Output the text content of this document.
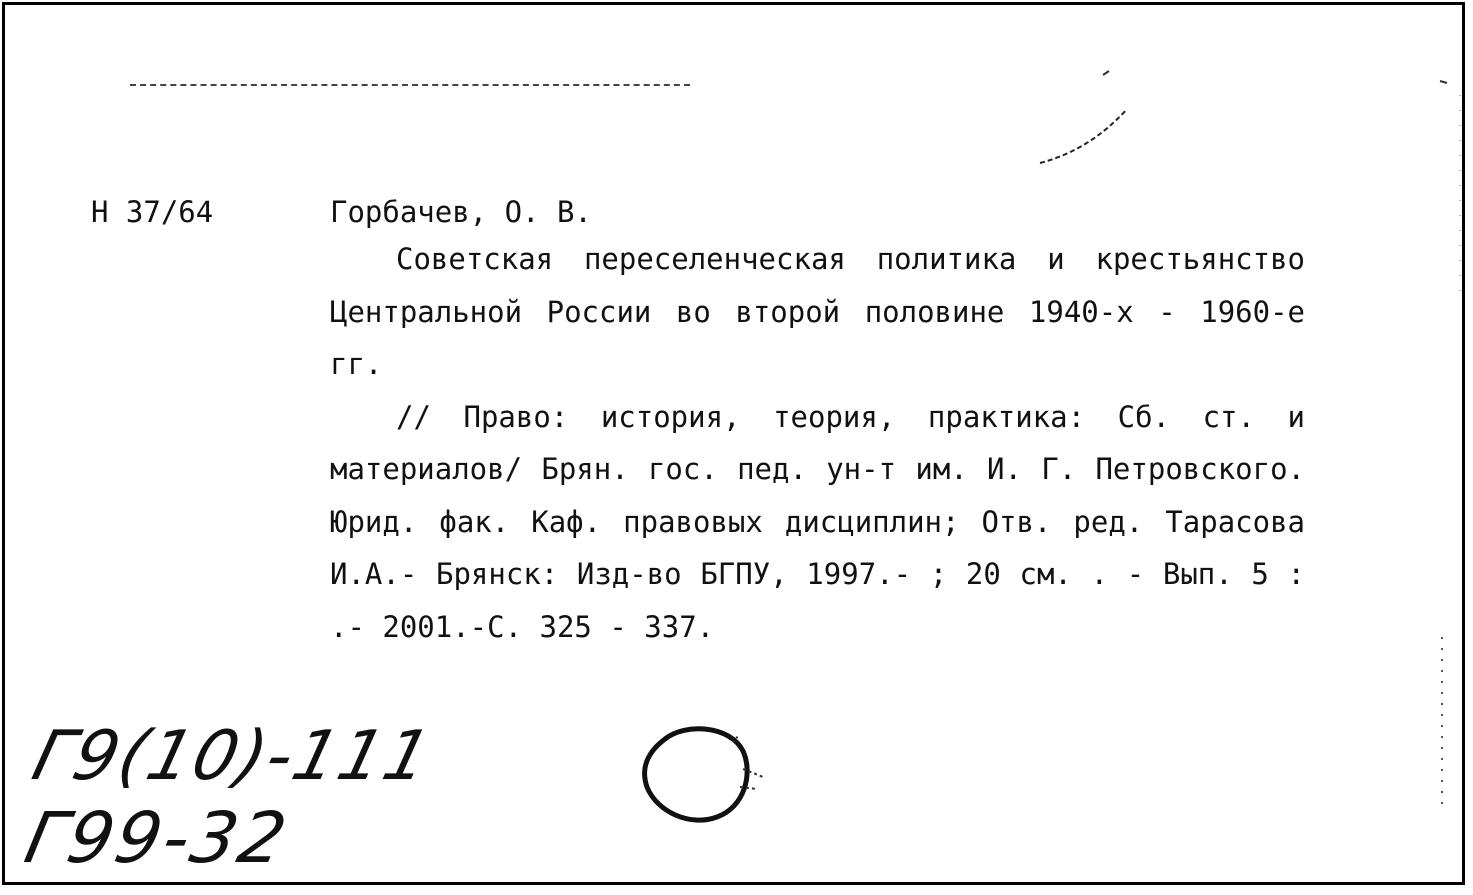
Н 37/64	Горбачев, О. В.

Советская переселенческая политика и крестьянство Центральной России во второй половине 1940-х - 1960-е гг.

// Право: история, теория, практика: Сб. ст. и материалов/ Брян. гос. пед. ун-т им. И. Г. Петровского. Юрид. фак. Каф. правовых дисциплин; Отв. ред. Тарасова И.А.- Брянск: Изд-во БГПУ, 1997.- ; 20 см. . - Вып. 5 : .- 2001.-С. 325 - 337.

Г9(10)-111
Г99-32
